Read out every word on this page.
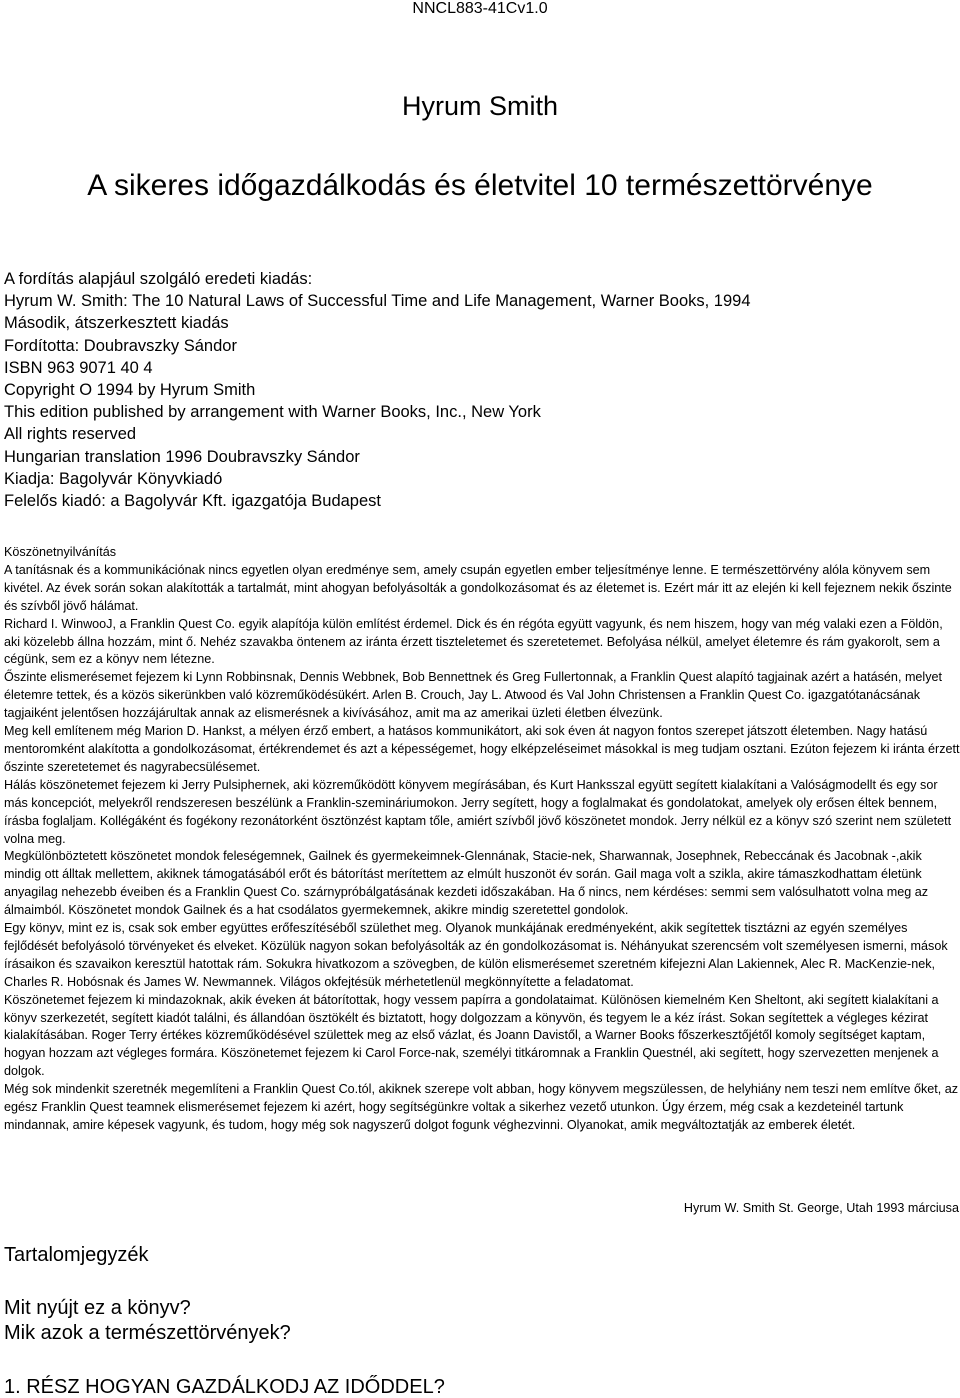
NNCL883-41Cv1.0
Hyrum Smith
A sikeres időgazdálkodás és életvitel 10 természettörvénye
A fordítás alapjául szolgáló eredeti kiadás:
Hyrum W. Smith: The 10 Natural Laws of Successful Time and Life Management, Warner Books, 1994
Második, átszerkesztett kiadás
Fordította: Doubravszky Sándor
ISBN 963 9071 40 4
Copyright O 1994 by Hyrum Smith
This edition published by arrangement with Warner Books, Inc., New York
All rights reserved
Hungarian translation 1996 Doubravszky Sándor
Kiadja: Bagolyvár Könyvkiadó
Felelős kiadó: a Bagolyvár Kft. igazgatója Budapest

Köszönetnyilvánítás

A tanításnak és a kommunikációnak nincs egyetlen olyan eredménye sem, amely csupán egyetlen ember teljesítménye lenne. E természettörvény alóla könyvem sem kivétel. Az évek során sokan alakították a tartalmát, mint ahogyan befolyásolták a gondolkozásomat és az életemet is. Ezért már itt az elején ki kell fejeznem nekik őszinte és szívből jövő hálámat.

Richard I. WinwooJ, a Franklin Quest Co. egyik alapítója külön említést érdemel. Dick és én régóta együtt vagyunk, és nem hiszem, hogy van még valaki ezen a Földön, aki közelebb állna hozzám, mint ő. Nehéz szavakba öntenem az iránta érzett tiszteletemet és szeretetemet. Befolyása nélkül, amelyet életemre és rám gyakorolt, sem a cégünk, sem ez a könyv nem létezne.

Őszinte elismerésemet fejezem ki Lynn Robbinsnak, Dennis Webbnek, Bob Bennettnek és Greg Fullertonnak, a Franklin Quest alapító tagjainak azért a hatásén, melyet életemre tettek, és a közös sikerünkben való közreműködésükért. Arlen B. Crouch, Jay L. Atwood és Val John Christensen a Franklin Quest Co. igazgatótanácsának tagjaiként jelentősen hozzájárultak annak az elismerésnek a kivívásához, amit ma az amerikai üzleti életben élvezünk.

Meg kell említenem még Marion D. Hankst, a mélyen érző embert, a hatásos kommunikátort, aki sok éven át nagyon fontos szerepet játszott életemben. Nagy hatású mentoromként alakította a gondolkozásomat, értékrendemet és azt a képességemet, hogy elképzeléseimet másokkal is meg tudjam osztani. Ezúton fejezem ki iránta érzett őszinte szeretetemet és nagyrabecsülésemet.

Hálás köszönetemet fejezem ki Jerry Pulsiphernek, aki közreműködött könyvem megírásában, és Kurt Hanksszal együtt segített kialakítani a Valóságmodellt és egy sor más koncepciót, melyekről rendszeresen beszélünk a Franklin-szemináriumokon. Jerry segített, hogy a foglalmakat és gondolatokat, amelyek oly erősen éltek bennem, írásba foglaljam. Kollégáként és fogékony rezonátorként ösztönzést kaptam tőle, amiért szívből jövő köszönetet mondok. Jerry nélkül ez a könyv szó szerint nem született volna meg.

Megkülönböztetett köszönetet mondok feleségemnek, Gailnek és gyermekeimnek-Glennának, Stacie-nek, Sharwannak, Josephnek, Rebeccának és Jacobnak -,akik mindig ott álltak mellettem, akiknek támogatásából erőt és bátorítást merítettem az elmúlt huszonöt év során. Gail maga volt a szikla, akire támaszkodhattam életünk anyagilag nehezebb éveiben és a Franklin Quest Co. szárnypróbálgatásának kezdeti időszakában. Ha ő nincs, nem kérdéses: semmi sem valósulhatott volna meg az álmaimból. Köszönetet mondok Gailnek és a hat csodálatos gyermekemnek, akikre mindig szeretettel gondolok.

Egy könyv, mint ez is, csak sok ember együttes erőfeszítéséből születhet meg. Olyanok munkájának eredményeként, akik segítettek tisztázni az egyén személyes fejlődését befolyásoló törvényeket és elveket. Közülük nagyon sokan befolyásolták az én gondolkozásomat is. Néhányukat szerencsém volt személyesen ismerni, mások írásaikon és szavaikon keresztül hatottak rám. Sokukra hivatkozom a szövegben, de külön elismerésemet szeretném kifejezni Alan Lakiennek, Alec R. MacKenzie-nek, Charles R. Hobósnak és James W. Newmannek. Világos okfejtésük mérhetetlenül megkönnyítette a feladatomat.

Köszönetemet fejezem ki mindazoknak, akik éveken át bátorítottak, hogy vessem papírra a gondolataimat. Különösen kiemelném Ken Sheltont, aki segített kialakítani a könyv szerkezetét, segített kiadót találni, és állandóan ösztökélt és biztatott, hogy dolgozzam a könyvön, és tegyem le a kéz írást. Sokan segítettek a végleges kézirat kialakításában. Roger Terry értékes közreműködésével születtek meg az első vázlat, és Joann Davistől, a Warner Books főszerkesztőjétől komoly segítséget kaptam, hogyan hozzam azt végleges formára. Köszönetemet fejezem ki Carol Force-nak, személyi titkáromnak a Franklin Questnél, aki segített, hogy szervezetten menjenek a dolgok.

Még sok mindenkit szeretnék megemlíteni a Franklin Quest Co.tól, akiknek szerepe volt abban, hogy könyvem megszülessen, de helyhiány nem teszi nem említve őket, az egész Franklin Quest teamnek elismerésemet fejezem ki azért, hogy segítségünkre voltak a sikerhez vezető utunkon. Úgy érzem, még csak a kezdeteinél tartunk mindannak, amire képesek vagyunk, és tudom, hogy még sok nagyszerű dolgot fogunk véghezvinni. Olyanokat, amik megváltoztatják az emberek életét.

Hyrum W. Smith St. George, Utah 1993 márciusa
Tartalomjegyzék
Mit nyújt ez a könyv?
Mik azok a természettörvények?
1. RÉSZ HOGYAN GAZDÁLKODJ AZ IDŐDDEL?
